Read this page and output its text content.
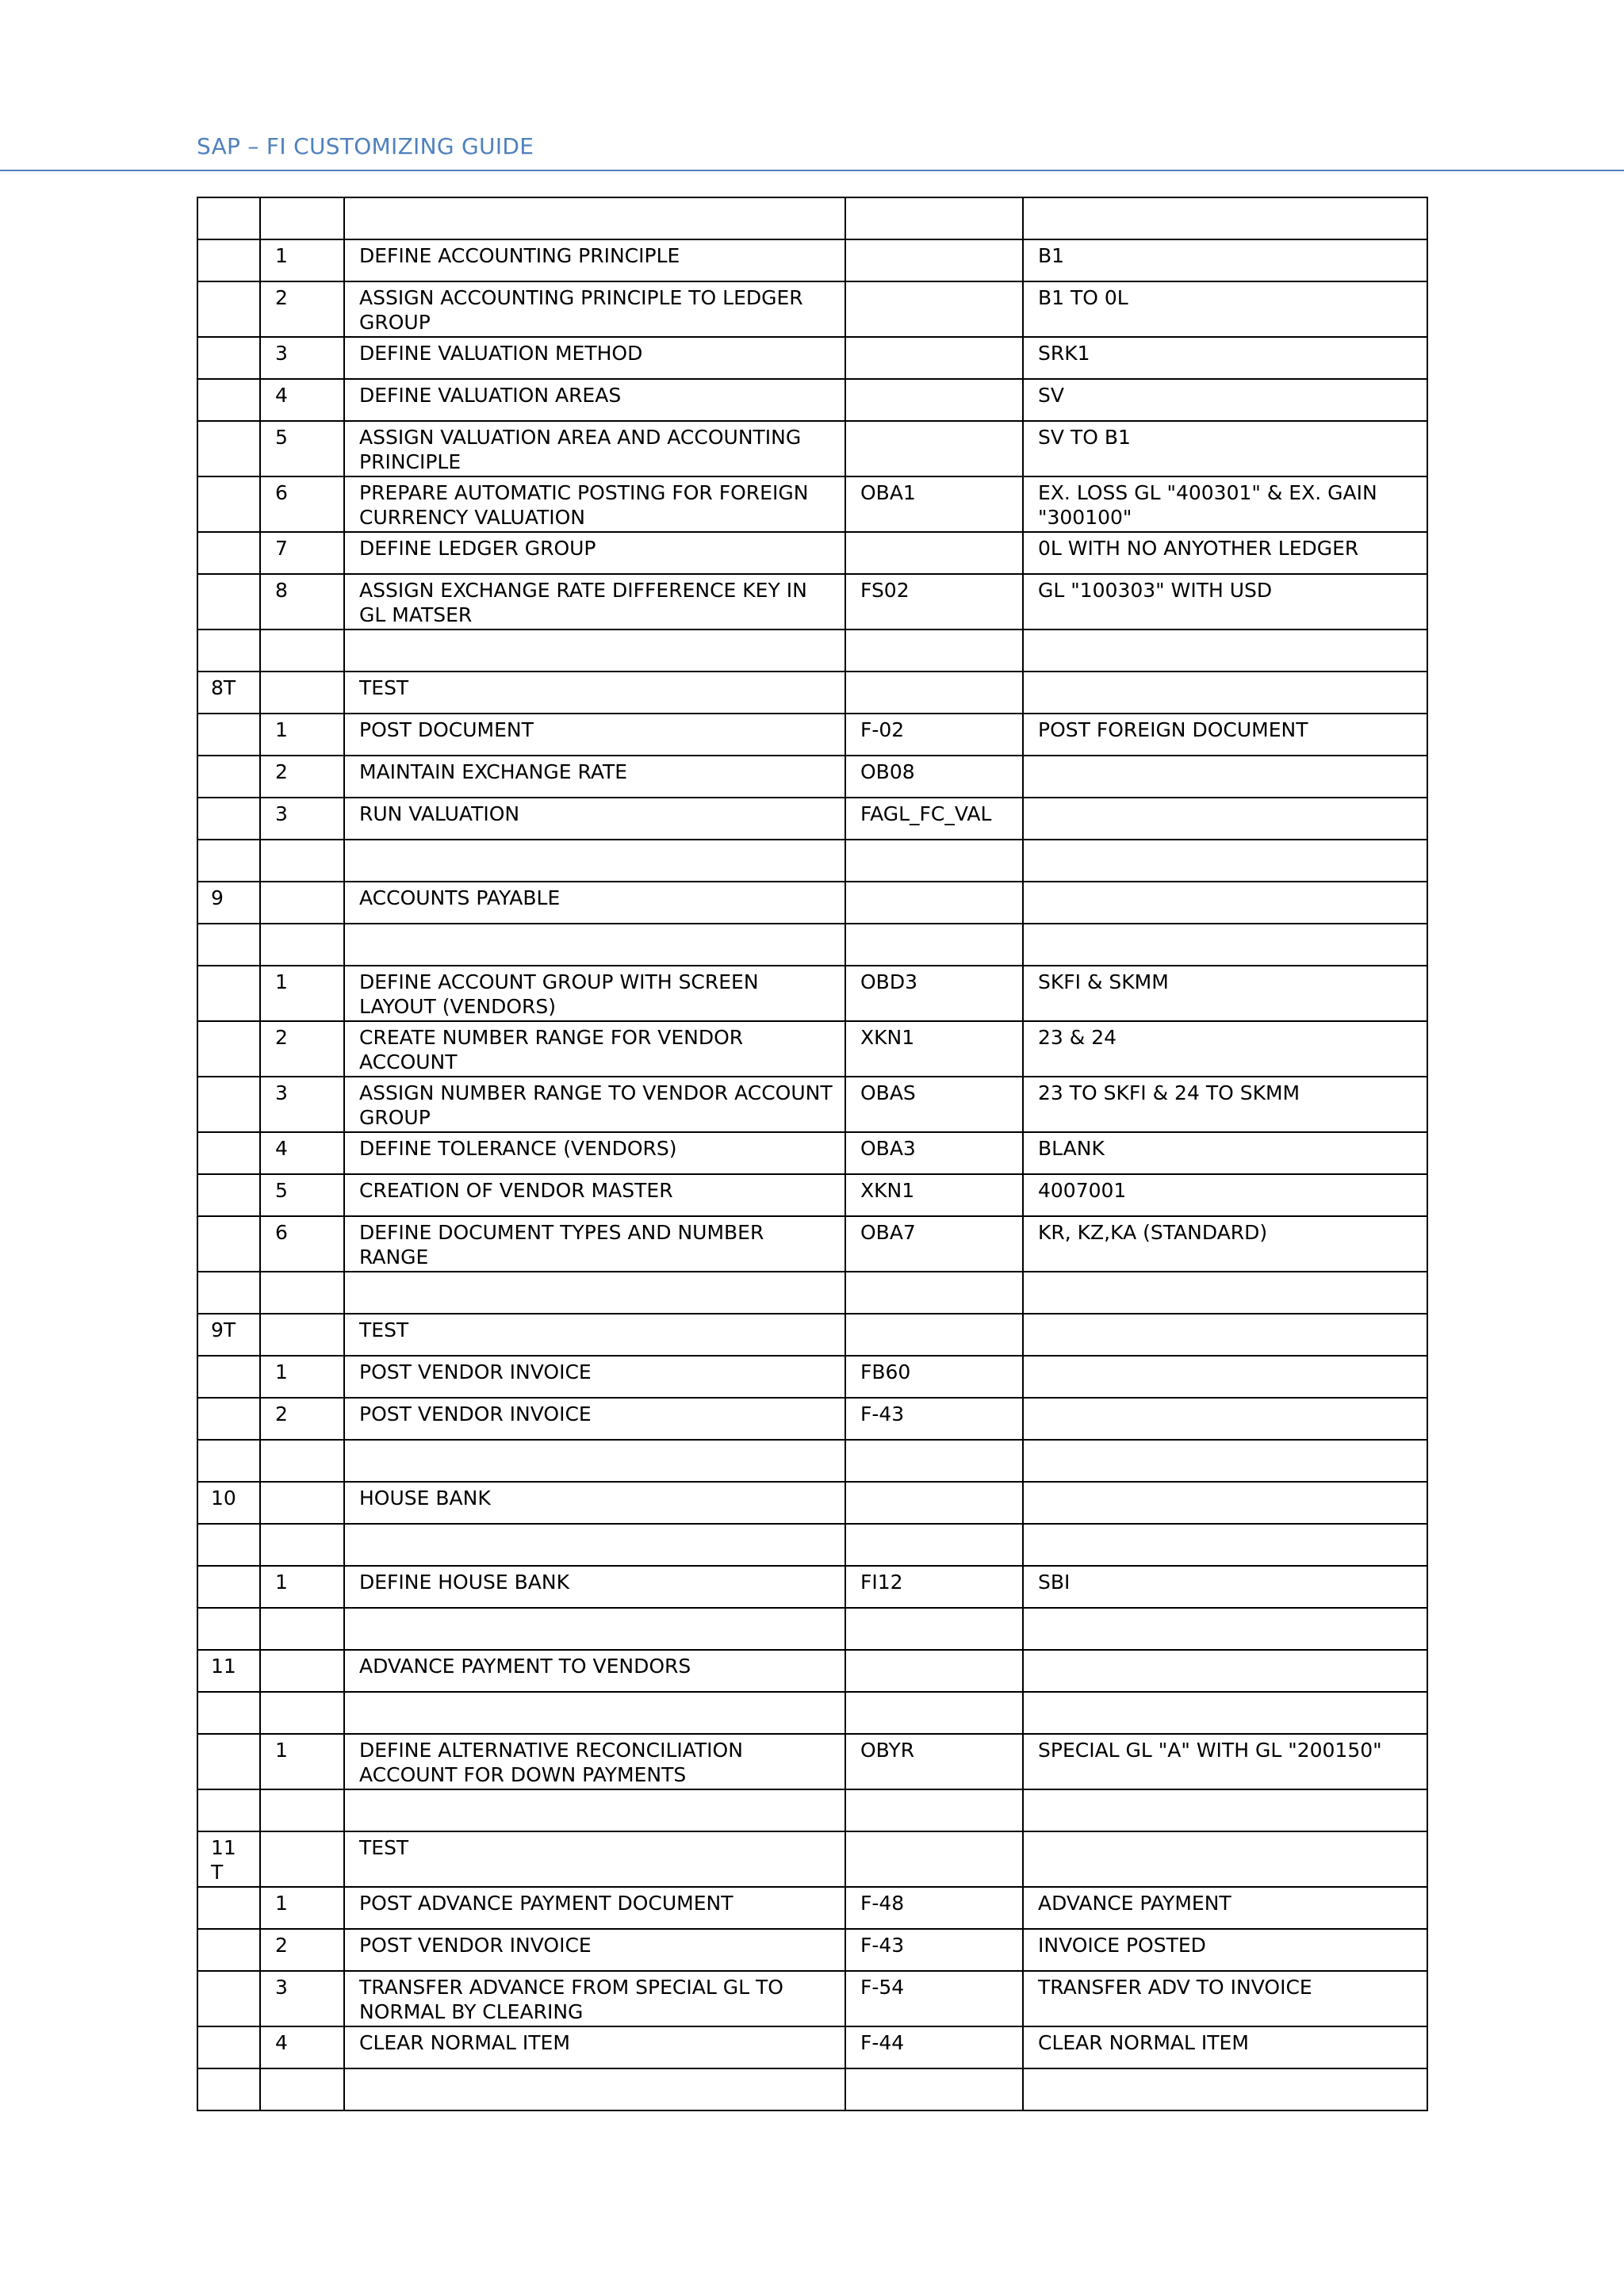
SAP – FI CUSTOMIZING GUIDE

	1	DEFINE ACCOUNTING PRINCIPLE		B1
	2	ASSIGN ACCOUNTING PRINCIPLE TO LEDGER GROUP		B1 TO 0L
	3	DEFINE VALUATION METHOD		SRK1
	4	DEFINE VALUATION AREAS		SV
	5	ASSIGN VALUATION AREA AND ACCOUNTING PRINCIPLE		SV TO B1
	6	PREPARE AUTOMATIC POSTING FOR FOREIGN CURRENCY VALUATION	OBA1	EX. LOSS GL "400301" & EX. GAIN "300100"
	7	DEFINE LEDGER GROUP		0L WITH NO ANYOTHER LEDGER
	8	ASSIGN EXCHANGE RATE DIFFERENCE KEY IN GL MATSER	FS02	GL "100303" WITH USD

8T		TEST		
	1	POST DOCUMENT	F-02	POST FOREIGN DOCUMENT
	2	MAINTAIN EXCHANGE RATE	OB08	
	3	RUN VALUATION	FAGL_FC_VAL	

9		ACCOUNTS PAYABLE		

	1	DEFINE ACCOUNT GROUP WITH SCREEN LAYOUT (VENDORS)	OBD3	SKFI & SKMM
	2	CREATE NUMBER RANGE FOR VENDOR ACCOUNT	XKN1	23 & 24
	3	ASSIGN NUMBER RANGE TO VENDOR ACCOUNT GROUP	OBAS	23 TO SKFI & 24 TO SKMM
	4	DEFINE TOLERANCE (VENDORS)	OBA3	BLANK
	5	CREATION OF VENDOR MASTER	XKN1	4007001
	6	DEFINE DOCUMENT TYPES AND NUMBER RANGE	OBA7	KR, KZ,KA (STANDARD)

9T		TEST		
	1	POST VENDOR INVOICE	FB60	
	2	POST VENDOR INVOICE	F-43	

10		HOUSE BANK		

	1	DEFINE HOUSE BANK	FI12	SBI

11		ADVANCE PAYMENT TO VENDORS		

	1	DEFINE ALTERNATIVE RECONCILIATION ACCOUNT FOR DOWN PAYMENTS	OBYR	SPECIAL GL "A" WITH GL "200150"

11 T		TEST		
	1	POST ADVANCE PAYMENT DOCUMENT	F-48	ADVANCE PAYMENT
	2	POST VENDOR INVOICE	F-43	INVOICE POSTED
	3	TRANSFER ADVANCE FROM SPECIAL GL TO NORMAL BY CLEARING	F-54	TRANSFER ADV TO INVOICE
	4	CLEAR NORMAL ITEM	F-44	CLEAR NORMAL ITEM
